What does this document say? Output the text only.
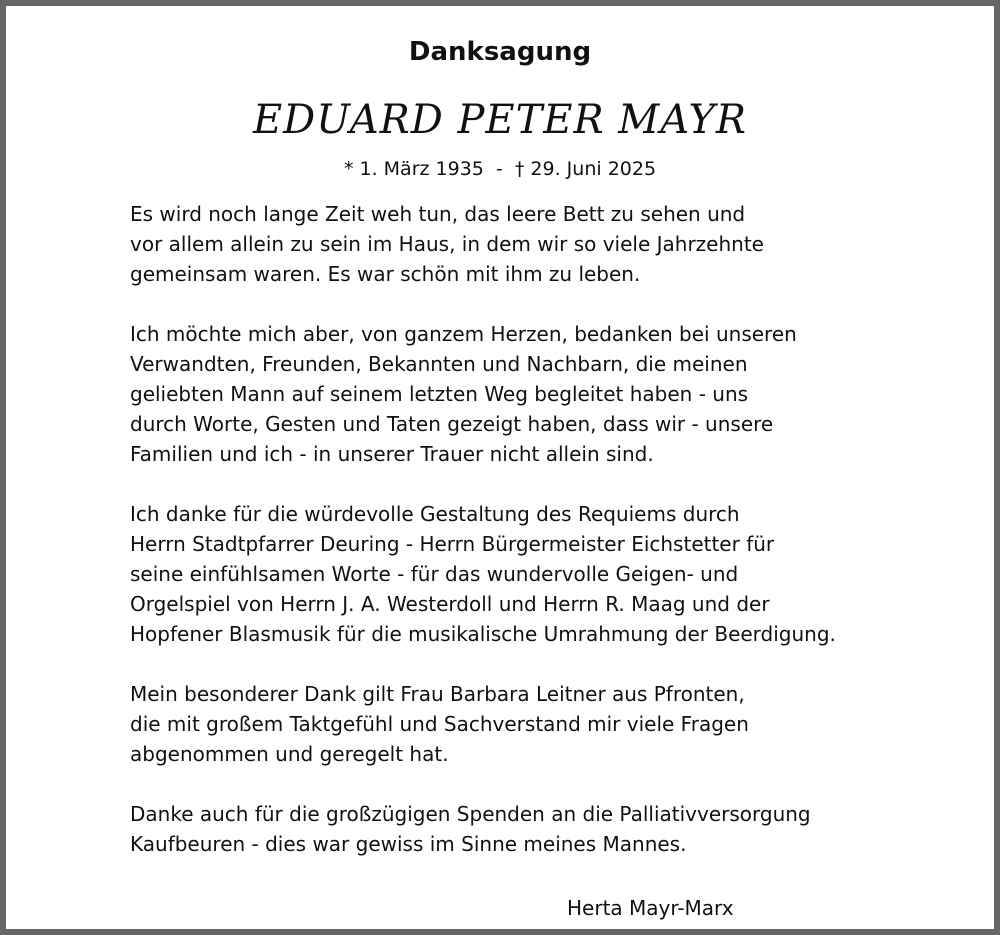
Danksagung
EDUARD PETER MAYR
* 1. März 1935  -  † 29. Juni 2025

Es wird noch lange Zeit weh tun, das leere Bett zu sehen und
vor allem allein zu sein im Haus, in dem wir so viele Jahrzehnte
gemeinsam waren. Es war schön mit ihm zu leben.

Ich möchte mich aber, von ganzem Herzen, bedanken bei unseren
Verwandten, Freunden, Bekannten und Nachbarn, die meinen
geliebten Mann auf seinem letzten Weg begleitet haben - uns
durch Worte, Gesten und Taten gezeigt haben, dass wir - unsere
Familien und ich - in unserer Trauer nicht allein sind.

Ich danke für die würdevolle Gestaltung des Requiems durch
Herrn Stadtpfarrer Deuring - Herrn Bürgermeister Eichstetter für
seine einfühlsamen Worte - für das wundervolle Geigen- und
Orgelspiel von Herrn J. A. Westerdoll und Herrn R. Maag und der
Hopfener Blasmusik für die musikalische Umrahmung der Beerdigung.

Mein besonderer Dank gilt Frau Barbara Leitner aus Pfronten,
die mit großem Taktgefühl und Sachverstand mir viele Fragen
abgenommen und geregelt hat.

Danke auch für die großzügigen Spenden an die Palliativversorgung
Kaufbeuren - dies war gewiss im Sinne meines Mannes.

Herta Mayr-Marx
